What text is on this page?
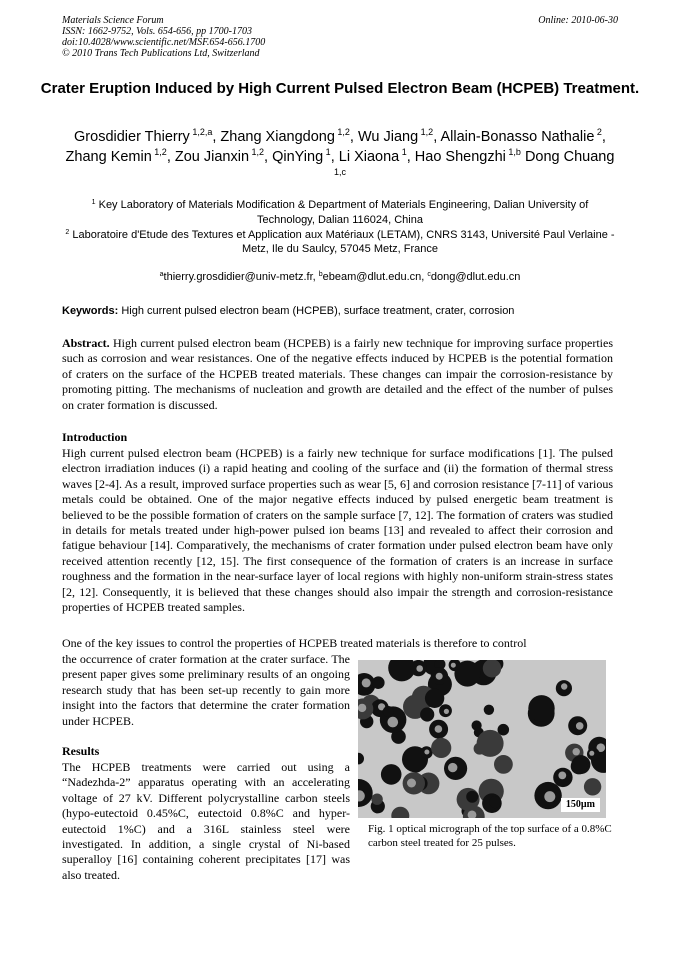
Materials Science Forum
ISSN: 1662-9752, Vols. 654-656, pp 1700-1703
doi:10.4028/www.scientific.net/MSF.654-656.1700
© 2010 Trans Tech Publications Ltd, Switzerland
Online: 2010-06-30
Crater Eruption Induced by High Current Pulsed Electron Beam (HCPEB) Treatment.
Grosdidier Thierry $^{1,2,a}$, Zhang Xiangdong $^{1,2}$, Wu Jiang $^{1,2}$, Allain-Bonasso Nathalie $^2$, Zhang Kemin $^{1,2}$, Zou Jianxin $^{1,2}$, QinYing $^1$, Li Xiaona $^1$, Hao Shengzhi $^{1,b}$ Dong Chuang $^{1,c}$
$^1$ Key Laboratory of Materials Modification & Department of Materials Engineering, Dalian University of Technology, Dalian 116024, China
$^2$ Laboratoire d'Etude des Textures et Application aux Matériaux (LETAM), CNRS 3143, Université Paul Verlaine - Metz, Ile du Saulcy, 57045 Metz, France
$^a$thierry.grosdidier@univ-metz.fr, $^b$ebeam@dlut.edu.cn, $^c$dong@dlut.edu.cn
Keywords: High current pulsed electron beam (HCPEB), surface treatment, crater, corrosion
Abstract. High current pulsed electron beam (HCPEB) is a fairly new technique for improving surface properties such as corrosion and wear resistances. One of the negative effects induced by HCPEB is the potential formation of craters on the surface of the HCPEB treated materials. These changes can impair the corrosion-resistance by promoting pitting. The mechanisms of nucleation and growth are detailed and the effect of the number of pulses on crater formation is discussed.
Introduction
High current pulsed electron beam (HCPEB) is a fairly new technique for surface modifications [1]. The pulsed electron irradiation induces (i) a rapid heating and cooling of the surface and (ii) the formation of thermal stress waves [2-4]. As a result, improved surface properties such as wear [5, 6] and corrosion resistance [7-11] of various metals could be obtained. One of the major negative effects induced by pulsed energetic beam treatment is believed to be the possible formation of craters on the sample surface [7, 12]. The formation of craters was studied in details for metals treated under high-power pulsed ion beams [13] and revealed to affect their corrosion and fatigue behaviour [14]. Comparatively, the mechanisms of crater formation under pulsed electron beam have only received attention recently [12, 15]. The first consequence of the formation of craters is an increase in surface roughness and the formation in the near-surface layer of local regions with highly non-uniform strain-stress states [2, 12]. Consequently, it is believed that these changes should also impair the strength and corrosion-resistance properties of HCPEB treated samples.
One of the key issues to control the properties of HCPEB treated materials is therefore to control
the occurrence of crater formation at the crater surface. The present paper gives some preliminary results of an ongoing research study that has been set-up recently to gain more insight into the factors that determine the crater formation under HCPEB.
Results
The HCPEB treatments were carried out using a “Nadezhda-2” apparatus operating with an accelerating voltage of 27 kV. Different polycrystalline carbon steels (hypo-eutectoid 0.45%C, eutectoid 0.8%C and hyper-eutectoid 1%C) and a 316L stainless steel were investigated. In addition, a single crystal of Ni-based superalloy [16] containing coherent precipitates [17] was also treated.
150µm
Fig. 1 optical micrograph of the top surface of a 0.8%C carbon steel treated for 25 pulses.
